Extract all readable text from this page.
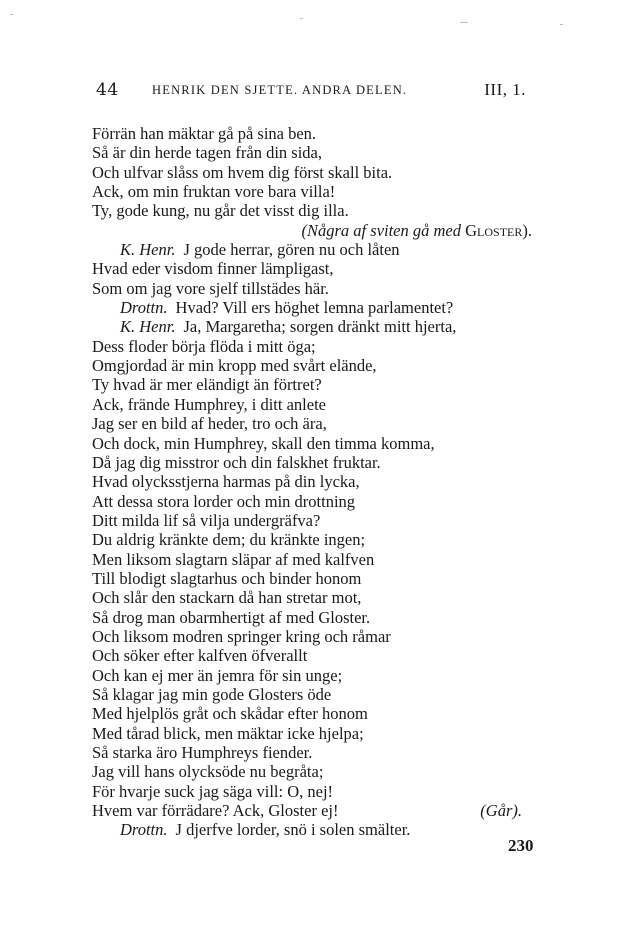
44	HENRIK DEN SJETTE. ANDRA DELEN.	III, 1.
Förrän han mäktar gå på sina ben.
Så är din herde tagen från din sida,
Och ulfvar slåss om hvem dig först skall bita.
Ack, om min fruktan vore bara villa!
Ty, gode kung, nu går det visst dig illa.
(Några af sviten gå med Gloster).
K. Henr. J gode herrar, gören nu och låten
Hvad eder visdom finner lämpligast,
Som om jag vore sjelf tillstädes här.
Drottn. Hvad? Vill ers höghet lemna parlamentet?
K. Henr. Ja, Margaretha; sorgen dränkt mitt hjerta,
Dess floder börja flöda i mitt öga;
Omgjordad är min kropp med svårt elände,
Ty hvad är mer eländigt än förtret?
Ack, frände Humphrey, i ditt anlete
Jag ser en bild af heder, tro och ära,
Och dock, min Humphrey, skall den timma komma,
Då jag dig misstror och din falskhet fruktar.
Hvad olycksstjerna harmas på din lycka,
Att dessa stora lorder och min drottning
Ditt milda lif så vilja undergräfva?
Du aldrig kränkte dem; du kränkte ingen;
Men liksom slagtarn släpar af med kalfven
Till blodigt slagtarhus och binder honom
Och slår den stackarn då han stretar mot,
Så drog man obarmhertigt af med Gloster.
Och liksom modren springer kring och råmar
Och söker efter kalfven öfverallt
Och kan ej mer än jemra för sin unge;
Så klagar jag min gode Glosters öde
Med hjelplös gråt och skådar efter honom
Med tårad blick, men mäktar icke hjelpa;
Så starka äro Humphreys fiender.
Jag vill hans olycksöde nu begråta;
För hvarje suck jag säga vill: O, nej!
Hvem var förrädare? Ack, Gloster ej!	(Går).
Drottn. J djerfve lorder, snö i solen smälter.
230
